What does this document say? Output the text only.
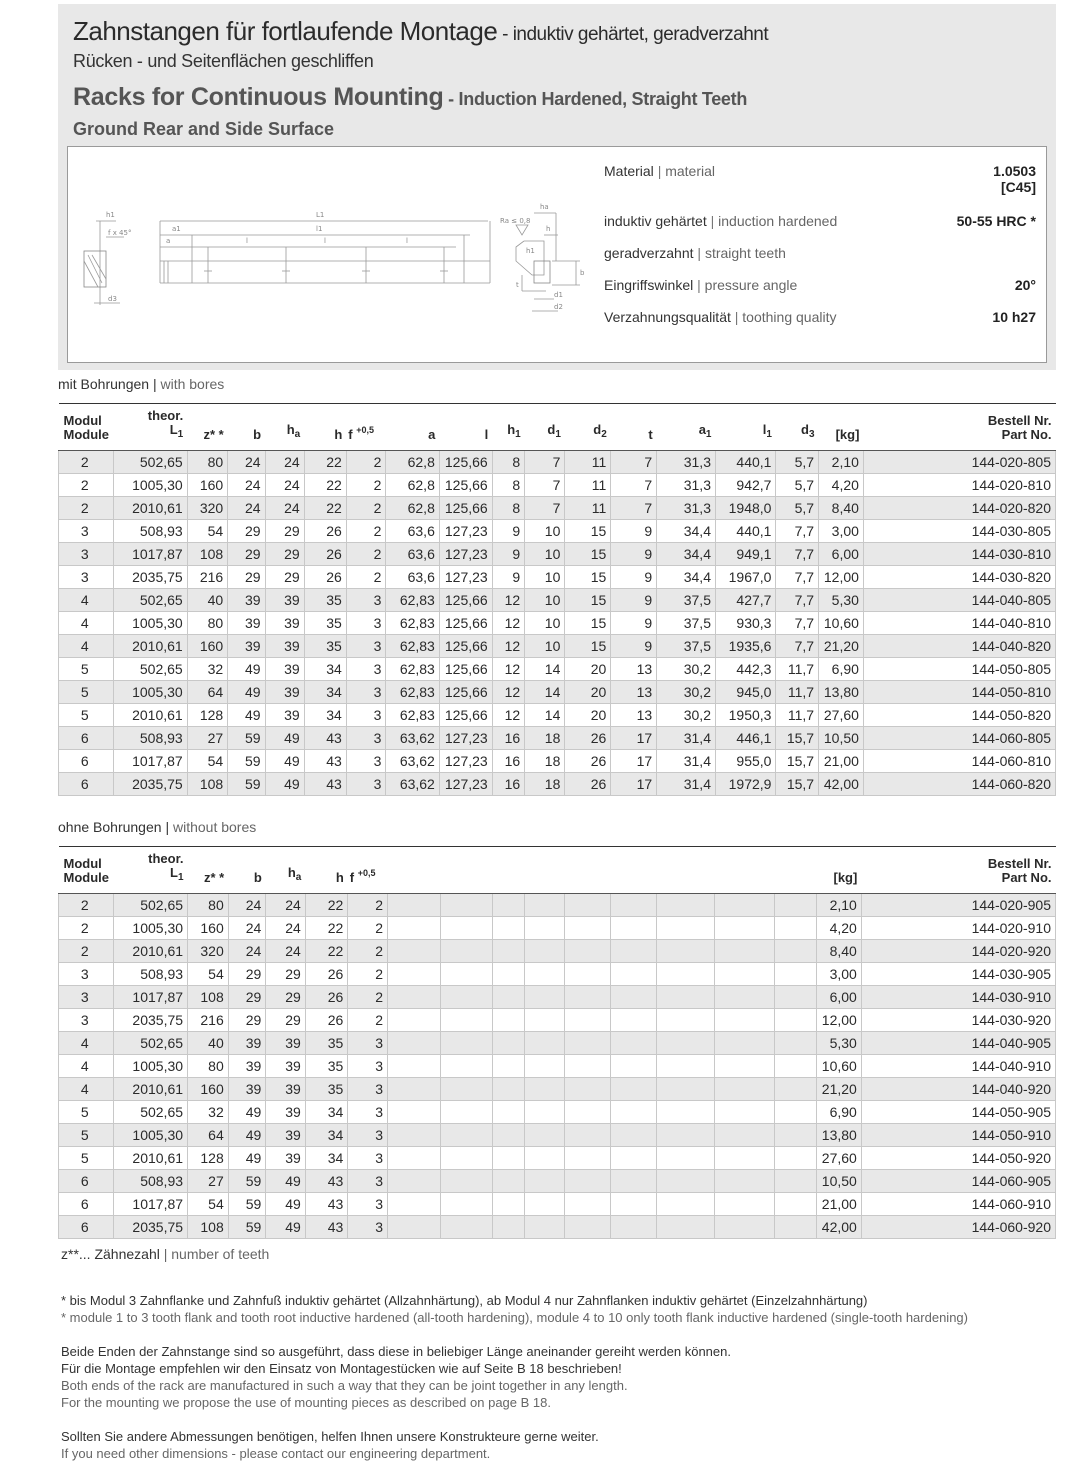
Zahnstangen für fortlaufende Montage - induktiv gehärtet, geradverzahnt
Rücken - und Seitenflächen geschliffen
Racks for Continuous Mounting - Induction Hardened, Straight Teeth
Ground Rear and Side Surface
h1
f x 45°
d3
L1
a1	l1
a	l	l	l
ha
Ra ≤ 0,8
h
h1
b
t
d1
d2
Material | material	1.0503
[C45]
induktiv gehärtet | induction hardened	50-55 HRC *
geradverzahnt | straight teeth
Eingriffswinkel | pressure angle	20°
Verzahnungsqualität | toothing quality	10 h27
mit Bohrungen | with bores
Modul
Module	theor.
$L_1$	z* *	b	$h_a$	h	f $^{+0,5}$	a	l	$h_1$	$d_1$	$d_2$	t	$a_1$	$l_1$	$d_3$	[kg]	Bestell Nr.
Part No.
2	502,65	80	24	24	22	2	62,8	125,66	8	7	11	7	31,3	440,1	5,7	2,10	144-020-805
2	1005,30	160	24	24	22	2	62,8	125,66	8	7	11	7	31,3	942,7	5,7	4,20	144-020-810
2	2010,61	320	24	24	22	2	62,8	125,66	8	7	11	7	31,3	1948,0	5,7	8,40	144-020-820
3	508,93	54	29	29	26	2	63,6	127,23	9	10	15	9	34,4	440,1	7,7	3,00	144-030-805
3	1017,87	108	29	29	26	2	63,6	127,23	9	10	15	9	34,4	949,1	7,7	6,00	144-030-810
3	2035,75	216	29	29	26	2	63,6	127,23	9	10	15	9	34,4	1967,0	7,7	12,00	144-030-820
4	502,65	40	39	39	35	3	62,83	125,66	12	10	15	9	37,5	427,7	7,7	5,30	144-040-805
4	1005,30	80	39	39	35	3	62,83	125,66	12	10	15	9	37,5	930,3	7,7	10,60	144-040-810
4	2010,61	160	39	39	35	3	62,83	125,66	12	10	15	9	37,5	1935,6	7,7	21,20	144-040-820
5	502,65	32	49	39	34	3	62,83	125,66	12	14	20	13	30,2	442,3	11,7	6,90	144-050-805
5	1005,30	64	49	39	34	3	62,83	125,66	12	14	20	13	30,2	945,0	11,7	13,80	144-050-810
5	2010,61	128	49	39	34	3	62,83	125,66	12	14	20	13	30,2	1950,3	11,7	27,60	144-050-820
6	508,93	27	59	49	43	3	63,62	127,23	16	18	26	17	31,4	446,1	15,7	10,50	144-060-805
6	1017,87	54	59	49	43	3	63,62	127,23	16	18	26	17	31,4	955,0	15,7	21,00	144-060-810
6	2035,75	108	59	49	43	3	63,62	127,23	16	18	26	17	31,4	1972,9	15,7	42,00	144-060-820
ohne Bohrungen | without bores
Modul
Module	theor.
$L_1$	z* *	b	$h_a$	h	f $^{+0,5}$										[kg]	Bestell Nr.
Part No.
2	502,65	80	24	24	22	2										2,10	144-020-905
2	1005,30	160	24	24	22	2										4,20	144-020-910
2	2010,61	320	24	24	22	2										8,40	144-020-920
3	508,93	54	29	29	26	2										3,00	144-030-905
3	1017,87	108	29	29	26	2										6,00	144-030-910
3	2035,75	216	29	29	26	2										12,00	144-030-920
4	502,65	40	39	39	35	3										5,30	144-040-905
4	1005,30	80	39	39	35	3										10,60	144-040-910
4	2010,61	160	39	39	35	3										21,20	144-040-920
5	502,65	32	49	39	34	3										6,90	144-050-905
5	1005,30	64	49	39	34	3										13,80	144-050-910
5	2010,61	128	49	39	34	3										27,60	144-050-920
6	508,93	27	59	49	43	3										10,50	144-060-905
6	1017,87	54	59	49	43	3										21,00	144-060-910
6	2035,75	108	59	49	43	3										42,00	144-060-920
z**... Zähnezahl | number of teeth
* bis Modul 3 Zahnflanke und Zahnfuß induktiv gehärtet (Allzahnhärtung), ab Modul 4 nur Zahnflanken induktiv gehärtet (Einzelzahnhärtung)
* module 1 to 3 tooth flank and tooth root inductive hardened (all-tooth hardening), module 4 to 10 only tooth flank inductive hardened (single-tooth hardening)
Beide Enden der Zahnstange sind so ausgeführt, dass diese in beliebiger Länge aneinander gereiht werden können.
Für die Montage empfehlen wir den Einsatz von Montagestücken wie auf Seite B 18 beschrieben!
Both ends of the rack are manufactured in such a way that they can be joint together in any length.
For the mounting we propose the use of mounting pieces as described on page B 18.
Sollten Sie andere Abmessungen benötigen, helfen Ihnen unsere Konstrukteure gerne weiter.
If you need other dimensions - please contact our engineering department.
